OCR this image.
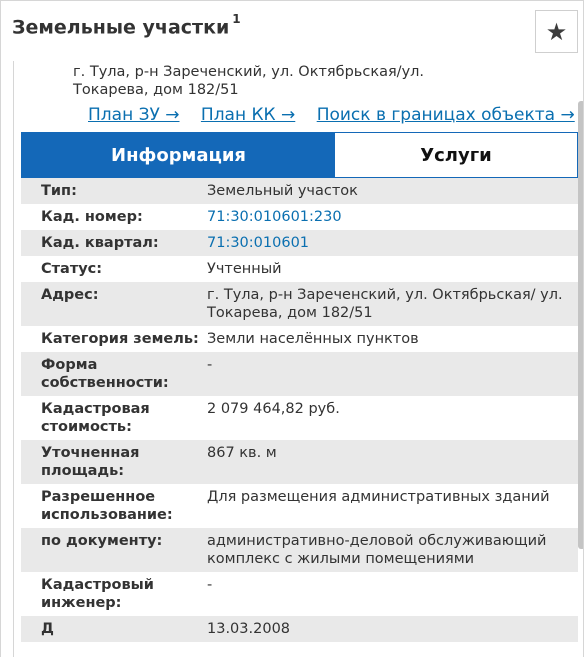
Земельные участки $^1$	★
г. Тула, р-н Зареченский, ул. Октябрьская/ул. Токарева, дом 182/51
План ЗУ → План КК → Поиск в границах объекта →
Информация	Услуги
Тип:	Земельный участок
Кад. номер:	71:30:010601:230
Кад. квартал:	71:30:010601
Статус:	Учтенный
Адрес:	г. Тула, р-н Зареченский, ул. Октябрьская/ ул. Токарева, дом 182/51
Категория земель: Земли населённых пунктов
Форма собственности:
-
Кадастровая стоимость:
2 079 464,82 руб.
Уточненная площадь:
867 кв. м
Разрешенное использование:
Для размещения административных зданий
по документу:	административно-деловой обслуживающий комплекс с жилыми помещениями
Кадастровый инженер:
-
Д	13.03.2008
